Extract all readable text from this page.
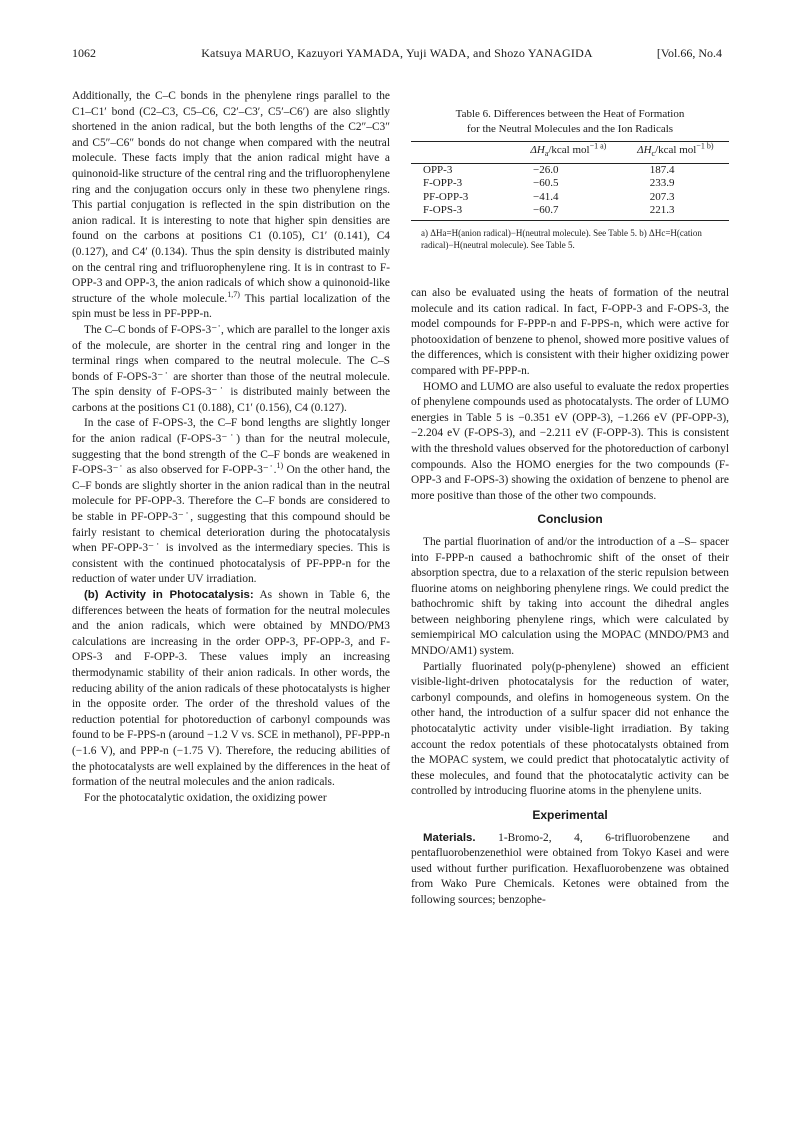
1062	Katsuya MARUO, Kazuyori YAMADA, Yuji WADA, and Shozo YANAGIDA	[Vol.66, No.4

Additionally, the C–C bonds in the phenylene rings parallel to the C1–C1′ bond (C2–C3, C5–C6, C2′–C3′, C5′–C6′) are also slightly shortened in the anion radical, but the both lengths of the C2″–C3″ and C5″–C6″ bonds do not change when compared with the neutral molecule. These facts imply that the anion radical might have a quinonoid-like structure of the central ring and the trifluorophenylene ring and the conjugation occurs only in these two phenylene rings. This partial conjugation is reflected in the spin distribution on the anion radical. It is interesting to note that higher spin densities are found on the carbons at positions C1 (0.105), C1′ (0.141), C4 (0.127), and C4′ (0.134). Thus the spin density is distributed mainly on the central ring and trifluorophenylene ring. It is in contrast to F-OPP-3 and OPP-3, the anion radicals of which show a quinonoid-like structure of the whole molecule.$^{1,7)}$ This partial localization of the spin must be less in PF-PPP-n.

The C–C bonds of F-OPS-3⁻˙, which are parallel to the longer axis of the molecule, are shorter in the central ring and longer in the terminal rings when compared to the neutral molecule. The C–S bonds of F-OPS-3⁻˙ are shorter than those of the neutral molecule. The spin density of F-OPS-3⁻˙ is distributed mainly between the carbons at the positions C1 (0.188), C1′ (0.156), C4 (0.127).

In the case of F-OPS-3, the C–F bond lengths are slightly longer for the anion radical (F-OPS-3⁻˙) than for the neutral molecule, suggesting that the bond strength of the C–F bonds are weakened in F-OPS-3⁻˙ as also observed for F-OPP-3⁻˙.$^{1)}$ On the other hand, the C–F bonds are slightly shorter in the anion radical than in the neutral molecule for PF-OPP-3. Therefore the C–F bonds are considered to be stable in PF-OPP-3⁻˙, suggesting that this compound should be fairly resistant to chemical deterioration during the photocatalysis when PF-OPP-3⁻˙ is involved as the intermediary species. This is consistent with the continued photocatalysis of PF-PPP-n for the reduction of water under UV irradiation.

(b) Activity in Photocatalysis: As shown in Table 6, the differences between the heats of formation for the neutral molecules and the anion radicals, which were obtained by MNDO/PM3 calculations are increasing in the order OPP-3, PF-OPP-3, and F-OPS-3 and F-OPP-3. These values imply an increasing thermodynamic stability of their anion radicals. In other words, the reducing ability of the anion radicals of these photocatalysts is higher in the opposite order. The order of the threshold values of the reduction potential for photoreduction of carbonyl compounds was found to be F-PPS-n (around −1.2 V vs. SCE in methanol), PF-PPP-n (−1.6 V), and PPP-n (−1.75 V). Therefore, the reducing abilities of the photocatalysts are well explained by the differences in the heat of formation of the neutral molecules and the anion radicals.

For the photocatalytic oxidation, the oxidizing power

Table 6. Differences between the Heat of Formation
for the Neutral Molecules and the Ion Radicals
	$\Delta H_a$/kcal mol$^{-1 a)}$	$\Delta H_c$/kcal mol$^{-1 b)}$
OPP-3	−26.0	187.4
F-OPP-3	−60.5	233.9
PF-OPP-3	−41.4	207.3
F-OPS-3	−60.7	221.3
a) ΔHa=H(anion radical)−H(neutral molecule). See Table 5. b) ΔHc=H(cation radical)−H(neutral molecule). See Table 5.

can also be evaluated using the heats of formation of the neutral molecule and its cation radical. In fact, F-OPP-3 and F-OPS-3, the model compounds for F-PPP-n and F-PPS-n, which were active for photooxidation of benzene to phenol, showed more positive values of the differences, which is consistent with their higher oxidizing power compared with PF-PPP-n.

HOMO and LUMO are also useful to evaluate the redox properties of phenylene compounds used as photocatalysts. The order of LUMO energies in Table 5 is −0.351 eV (OPP-3), −1.266 eV (PF-OPP-3), −2.204 eV (F-OPS-3), and −2.211 eV (F-OPP-3). This is consistent with the threshold values observed for the photoreduction of carbonyl compounds. Also the HOMO energies for the two compounds (F-OPP-3 and F-OPS-3) showing the oxidation of benzene to phenol are more positive than those of the other two compounds.

Conclusion

The partial fluorination of and/or the introduction of a –S– spacer into F-PPP-n caused a bathochromic shift of the onset of their absorption spectra, due to a relaxation of the steric repulsion between fluorine atoms on neighboring phenylene rings. We could predict the bathochromic shift by taking into account the dihedral angles between neighboring phenylene rings, which were calculated by semiempirical MO calculation using the MOPAC (MNDO/PM3 and MNDO/AM1) system.

Partially fluorinated poly(p-phenylene) showed an efficient visible-light-driven photocatalysis for the reduction of water, carbonyl compounds, and olefins in homogeneous system. On the other hand, the introduction of a sulfur spacer did not enhance the photocatalytic activity under visible-light irradiation. By taking account the redox potentials of these photocatalysts obtained from the MOPAC system, we could predict that photocatalytic activity of these molecules, and found that the photocatalytic activity can be controlled by introducing fluorine atoms in the phenylene units.

Experimental

Materials. 1-Bromo-2, 4, 6-trifluorobenzene and pentafluorobenzenethiol were obtained from Tokyo Kasei and were used without further purification. Hexafluorobenzene was obtained from Wako Pure Chemicals. Ketones were obtained from the following sources; benzophe-
